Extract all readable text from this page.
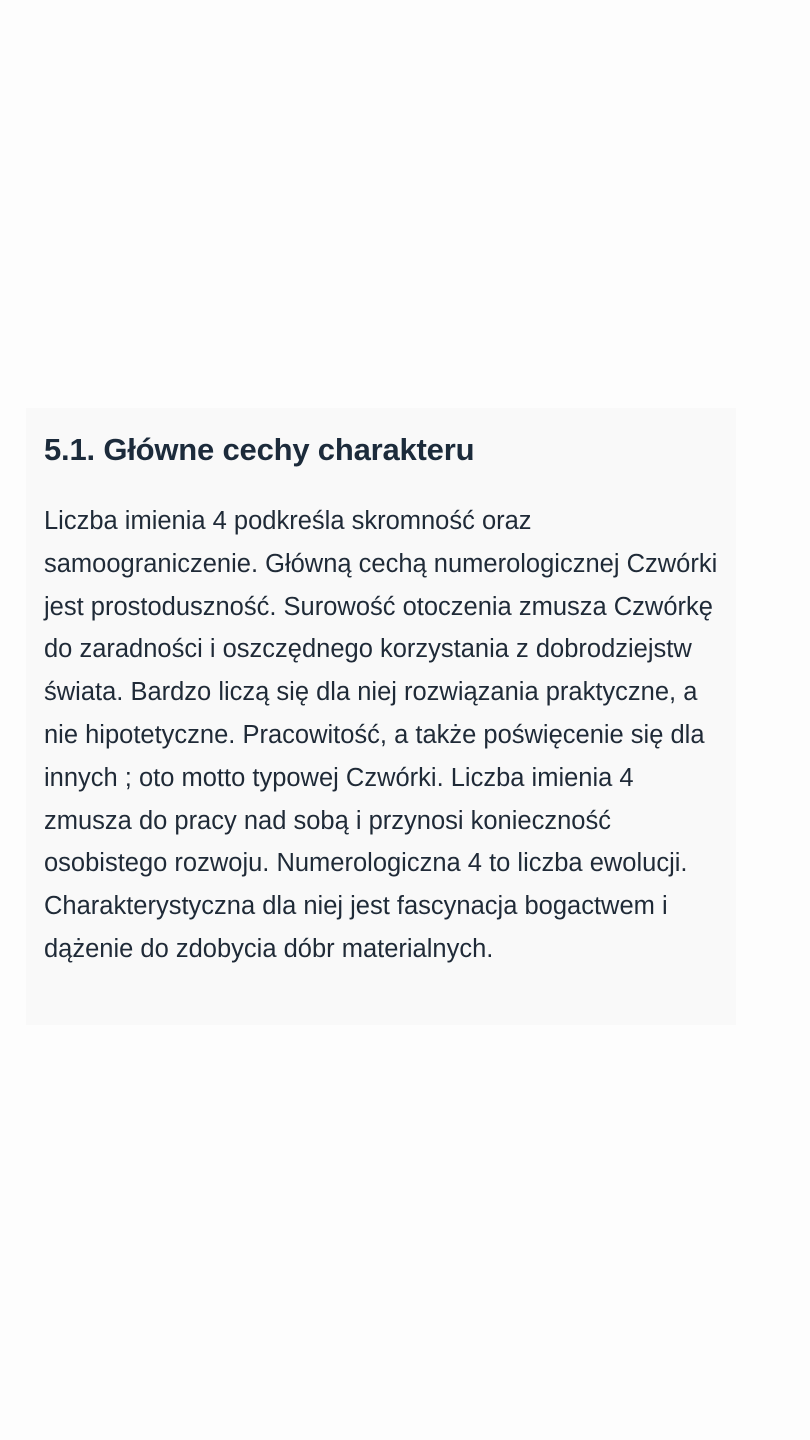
5.1. Główne cechy charakteru

Liczba imienia 4 podkreśla skromność oraz samoograniczenie. Główną cechą numerologicznej Czwórki jest prostoduszność. Surowość otoczenia zmusza Czwórkę do zaradności i oszczędnego korzystania z dobrodziejstw świata. Bardzo liczą się dla niej rozwiązania praktyczne, a nie hipotetyczne. Pracowitość, a także poświęcenie się dla innych ; oto motto typowej Czwórki. Liczba imienia 4 zmusza do pracy nad sobą i przynosi konieczność osobistego rozwoju. Numerologiczna 4 to liczba ewolucji. Charakterystyczna dla niej jest fascynacja bogactwem i dążenie do zdobycia dóbr materialnych.
